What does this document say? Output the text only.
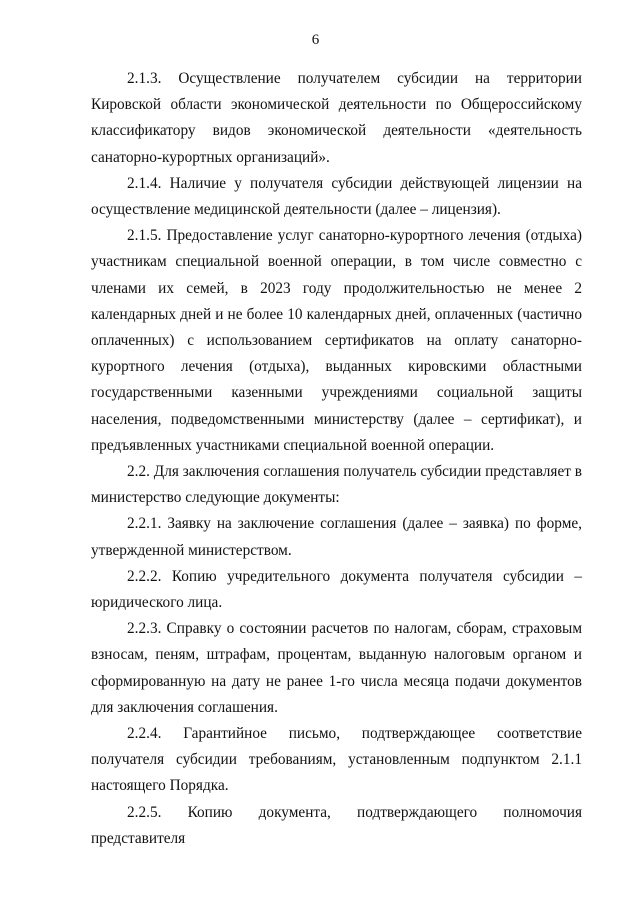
6

2.1.3. Осуществление получателем субсидии на территории Кировской области экономической деятельности по Общероссийскому классификатору видов экономической деятельности «деятельность санаторно-курортных организаций».

2.1.4. Наличие у получателя субсидии действующей лицензии на осуществление медицинской деятельности (далее – лицензия).

2.1.5. Предоставление услуг санаторно-курортного лечения (отдыха) участникам специальной военной операции, в том числе совместно с членами их семей, в 2023 году продолжительностью не менее 2 календарных дней и не более 10 календарных дней, оплаченных (частично оплаченных) с использованием сертификатов на оплату санаторно-курортного лечения (отдыха), выданных кировскими областными государственными казенными учреждениями социальной защиты населения, подведомственными министерству (далее – сертификат), и предъявленных участниками специальной военной операции.

2.2. Для заключения соглашения получатель субсидии представляет в министерство следующие документы:

2.2.1. Заявку на заключение соглашения (далее – заявка) по форме, утвержденной министерством.

2.2.2. Копию учредительного документа получателя субсидии – юридического лица.

2.2.3. Справку о состоянии расчетов по налогам, сборам, страховым взносам, пеням, штрафам, процентам, выданную налоговым органом и сформированную на дату не ранее 1-го числа месяца подачи документов для заключения соглашения.

2.2.4. Гарантийное письмо, подтверждающее соответствие получателя субсидии требованиям, установленным подпунктом 2.1.1 настоящего Порядка.

2.2.5. Копию документа, подтверждающего полномочия представителя
